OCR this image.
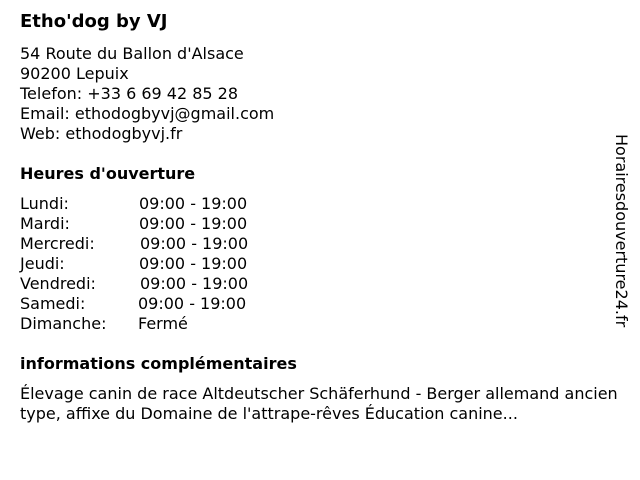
Etho'dog by VJ
54 Route du Ballon d'Alsace
90200 Lepuix
Telefon: +33 6 69 42 85 28
Email: ethodogbyvj@gmail.com
Web: ethodogbyvj.fr
Heures d'ouverture
Lundi:	09:00 - 19:00
Mardi:	09:00 - 19:00
Mercredi:	09:00 - 19:00
Jeudi:	09:00 - 19:00
Vendredi:	09:00 - 19:00
Samedi:	09:00 - 19:00
Dimanche: Fermé
informations complémentaires
Élevage canin de race Altdeutscher Schäferhund - Berger allemand ancien type, affixe du Domaine de l'attrape-rêves Éducation canine...
Horairesdouverture24.fr
